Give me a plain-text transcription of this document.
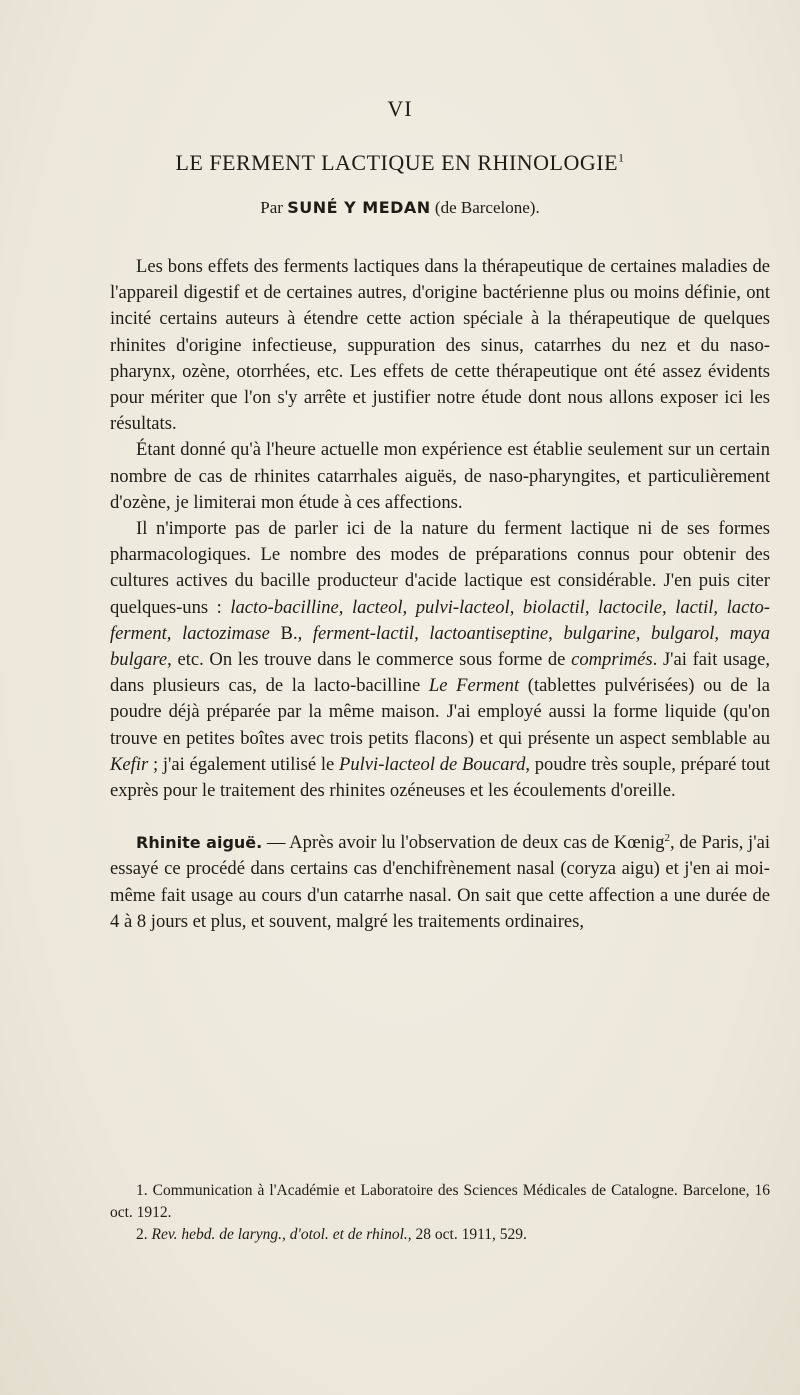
VI
LE FERMENT LACTIQUE EN RHINOLOGIE$^1$
Par SUNÉ Y MEDAN (de Barcelone).

Les bons effets des ferments lactiques dans la thérapeutique de certaines maladies de l'appareil digestif et de certaines autres, d'origine bactérienne plus ou moins définie, ont incité certains auteurs à étendre cette action spéciale à la thérapeutique de quelques rhinites d'origine infectieuse, suppuration des sinus, catarrhes du nez et du naso-pharynx, ozène, otorrhées, etc. Les effets de cette thérapeutique ont été assez évidents pour mériter que l'on s'y arrête et justifier notre étude dont nous allons exposer ici les résultats.

Étant donné qu'à l'heure actuelle mon expérience est établie seulement sur un certain nombre de cas de rhinites catarrhales aiguës, de naso-pharyngites, et particulièrement d'ozène, je limiterai mon étude à ces affections.

Il n'importe pas de parler ici de la nature du ferment lactique ni de ses formes pharmacologiques. Le nombre des modes de préparations connus pour obtenir des cultures actives du bacille producteur d'acide lactique est considérable. J'en puis citer quelques-uns : lacto-bacilline, lacteol, pulvi-lacteol, biolactil, lactocile, lactil, lacto-ferment, lactozimase B., ferment-lactil, lactoantiseptine, bulgarine, bulgarol, maya bulgare, etc. On les trouve dans le commerce sous forme de comprimés. J'ai fait usage, dans plusieurs cas, de la lacto-bacilline Le Ferment (tablettes pulvérisées) ou de la poudre déjà préparée par la même maison. J'ai employé aussi la forme liquide (qu'on trouve en petites boîtes avec trois petits flacons) et qui présente un aspect semblable au Kefir ; j'ai également utilisé le Pulvi-lacteol de Boucard, poudre très souple, préparé tout exprès pour le traitement des rhinites ozéneuses et les écoulements d'oreille.

Rhinite aiguë. — Après avoir lu l'observation de deux cas de Kœnig$^2$, de Paris, j'ai essayé ce procédé dans certains cas d'enchifrènement nasal (coryza aigu) et j'en ai moi-même fait usage au cours d'un catarrhe nasal. On sait que cette affection a une durée de 4 à 8 jours et plus, et souvent, malgré les traitements ordinaires,

1. Communication à l'Académie et Laboratoire des Sciences Médicales de Catalogne. Barcelone, 16 oct. 1912.

2. Rev. hebd. de laryng., d'otol. et de rhinol., 28 oct. 1911, 529.
